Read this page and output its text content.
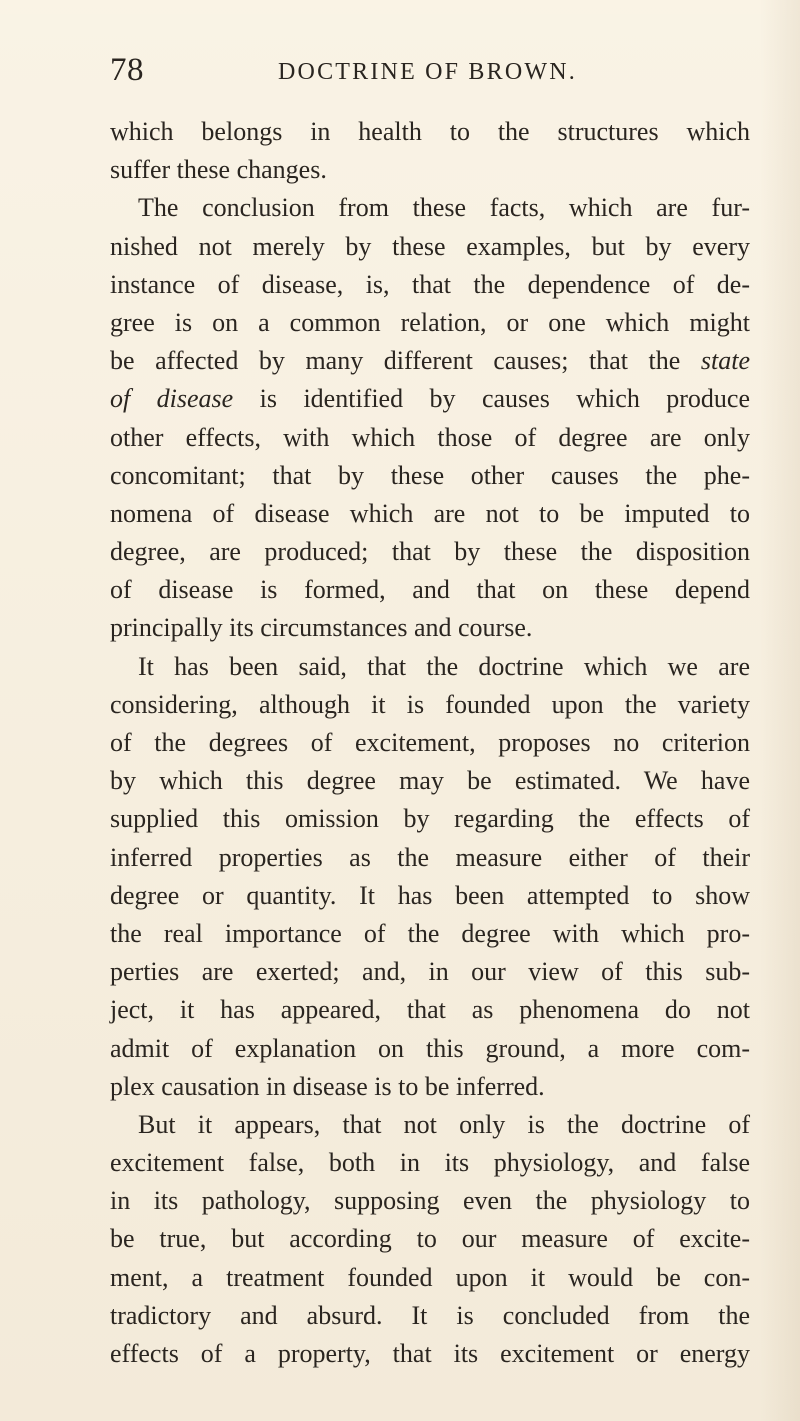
78	DOCTRINE OF BROWN.
which belongs in health to the structures which
suffer these changes.
The conclusion from these facts, which are fur-
nished not merely by these examples, but by every
instance of disease, is, that the dependence of de-
gree is on a common relation, or one which might
be affected by many different causes; that the state
of disease is identified by causes which produce
other effects, with which those of degree are only
concomitant; that by these other causes the phe-
nomena of disease which are not to be imputed to
degree, are produced; that by these the disposition
of disease is formed, and that on these depend
principally its circumstances and course.
It has been said, that the doctrine which we are
considering, although it is founded upon the variety
of the degrees of excitement, proposes no criterion
by which this degree may be estimated. We have
supplied this omission by regarding the effects of
inferred properties as the measure either of their
degree or quantity. It has been attempted to show
the real importance of the degree with which pro-
perties are exerted; and, in our view of this sub-
ject, it has appeared, that as phenomena do not
admit of explanation on this ground, a more com-
plex causation in disease is to be inferred.
But it appears, that not only is the doctrine of
excitement false, both in its physiology, and false
in its pathology, supposing even the physiology to
be true, but according to our measure of excite-
ment, a treatment founded upon it would be con-
tradictory and absurd. It is concluded from the
effects of a property, that its excitement or energy
